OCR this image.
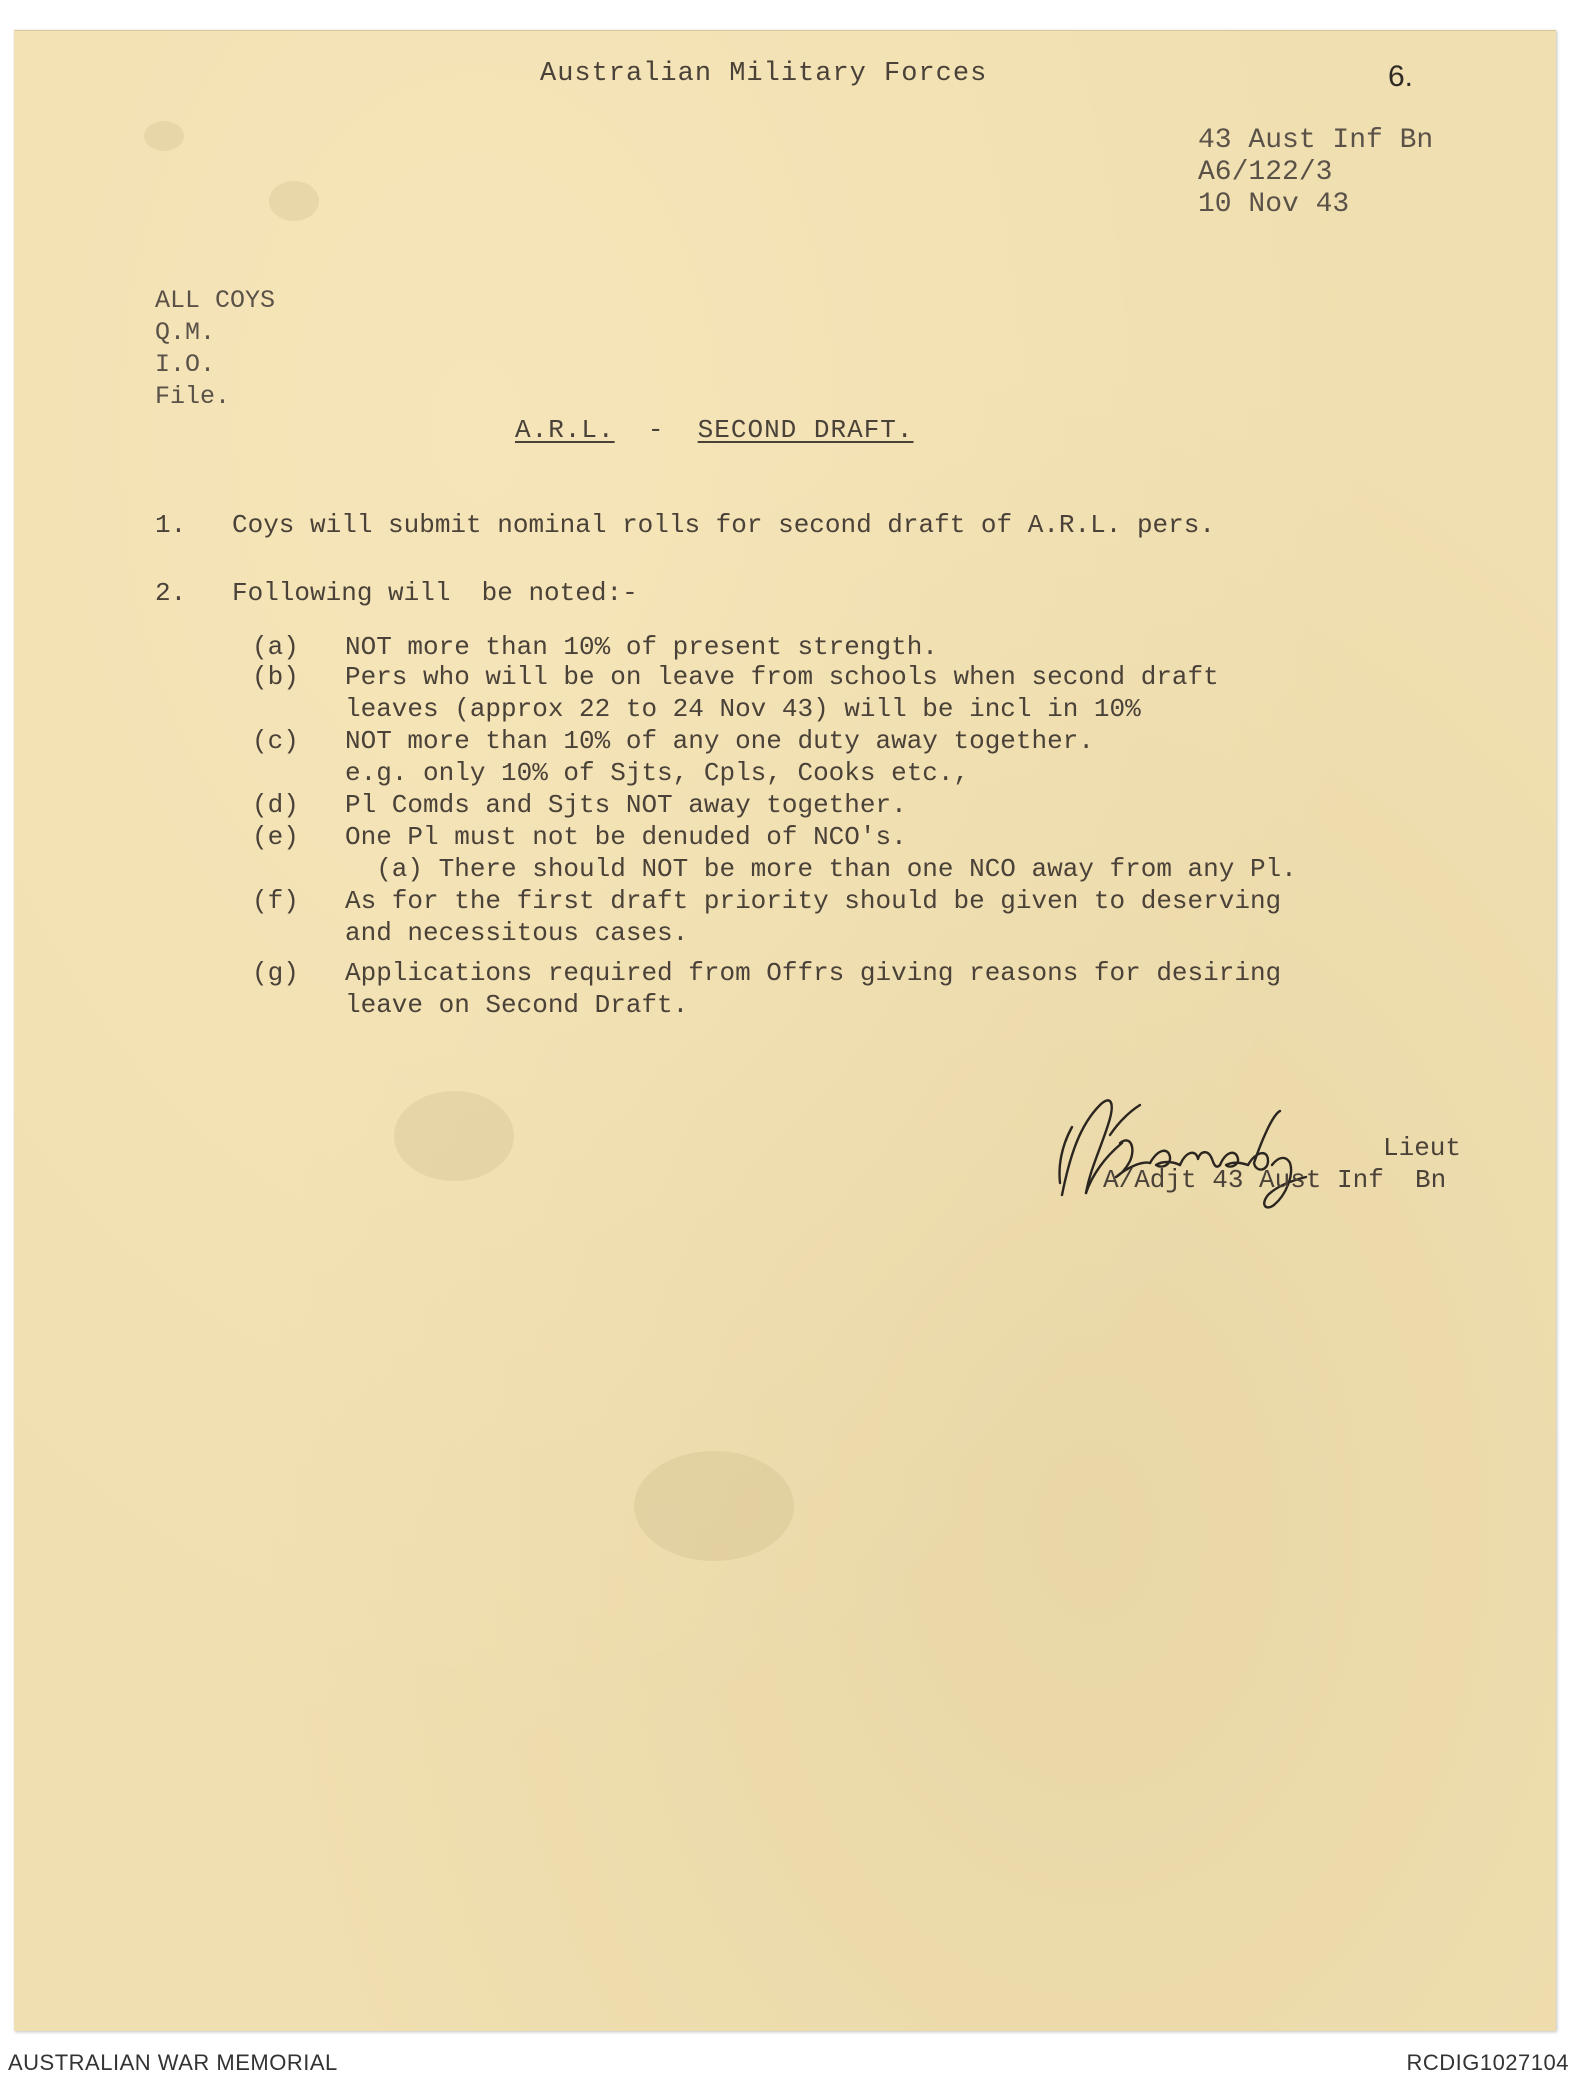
Australian Military Forces	6.
43 Aust Inf Bn
A6/122/3
10 Nov 43
ALL COYS
Q.M.
I.O.
File.
A.R.L. - SECOND DRAFT.
1. Coys will submit nominal rolls for second draft of A.R.L. pers.
2. Following will  be noted:-
(a) NOT more than 10% of present strength.
(b) Pers who will be on leave from schools when second draft
leaves (approx 22 to 24 Nov 43) will be incl in 10%
(c) NOT more than 10% of any one duty away together.
e.g. only 10% of Sjts, Cpls, Cooks etc.,
(d) Pl Comds and Sjts NOT away together.
(e) One Pl must not be denuded of NCO's.
(a) There should NOT be more than one NCO away from any Pl.
(f) As for the first draft priority should be given to deserving
and necessitous cases.
(g) Applications required from Offrs giving reasons for desiring
leave on Second Draft.
Lieut
A/Adjt 43 Aust Inf  Bn
AUSTRALIAN WAR MEMORIAL	RCDIG1027104
